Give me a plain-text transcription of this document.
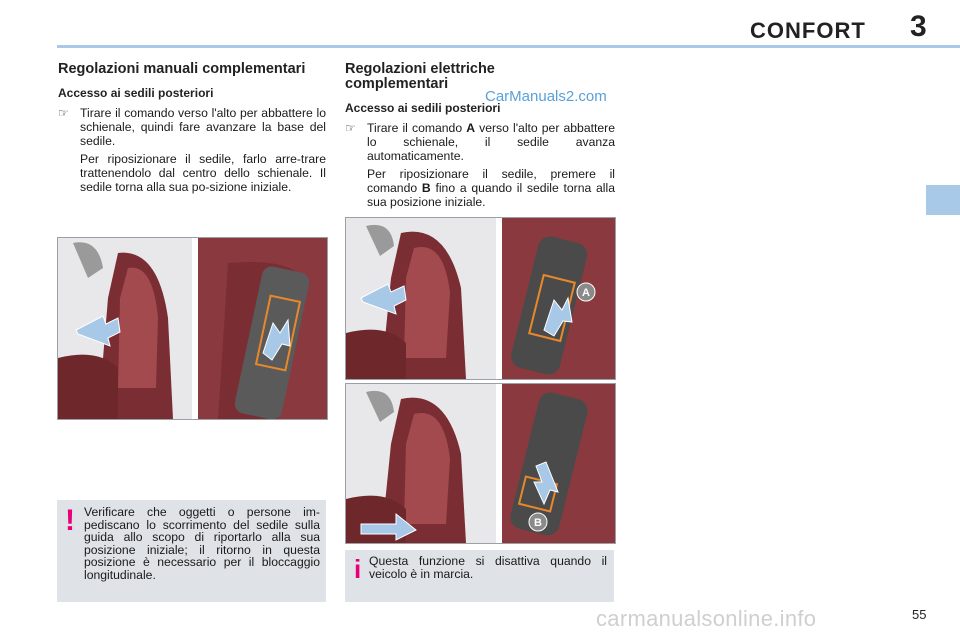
CONFORT 3
Regolazioni manuali complementari
Accesso ai sedili posteriori
☞ Tirare il comando verso l'alto per abbattere lo schienale, quindi fare avanzare la base del sedile.
Per riposizionare il sedile, farlo arre-trare trattenendolo dal centro dello schienale. Il sedile torna alla sua po-sizione iniziale.
Regolazioni elettriche complementari
Accesso ai sedili posteriori
☞ Tirare il comando A verso l'alto per abbattere lo schienale, il sedile avanza automaticamente.
Per riposizionare il sedile, premere il comando B fino a quando il sedile torna alla sua posizione iniziale.
CarManuals2.com
A
B
! Verificare che oggetti o persone im-pediscano lo scorrimento del sedile sulla guida allo scopo di riportarlo alla sua posizione iniziale; il ritorno in questa posizione è necessario per il bloccaggio longitudinale.	i Questa funzione si disattiva quando il veicolo è in marcia.
carmanualsonline.info	55
